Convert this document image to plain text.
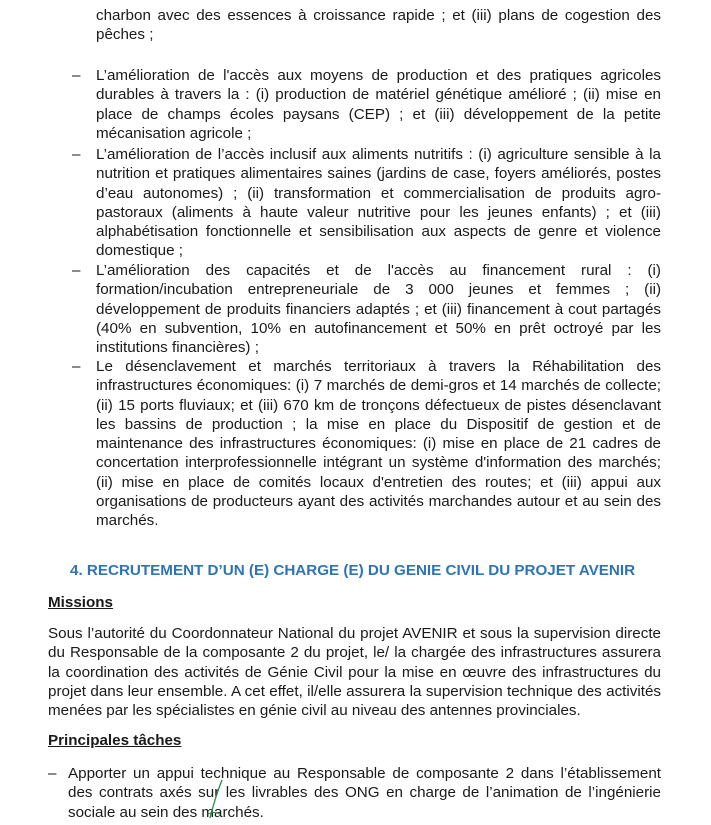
charbon avec des essences à croissance rapide ; et (iii) plans de cogestion des pêches ;
–	L’amélioration de l'accès aux moyens de production et des pratiques agricoles durables à travers la : (i) production de matériel génétique amélioré ; (ii) mise en place de champs écoles paysans (CEP) ; et (iii) développement de la petite mécanisation agricole ;
–	L’amélioration de l’accès inclusif aux aliments nutritifs : (i) agriculture sensible à la nutrition et pratiques alimentaires saines (jardins de case, foyers améliorés, postes d’eau autonomes) ; (ii) transformation et commercialisation de produits agro-pastoraux (aliments à haute valeur nutritive pour les jeunes enfants) ; et (iii) alphabétisation fonctionnelle et sensibilisation aux aspects de genre et violence domestique ;
–	L’amélioration des capacités et de l'accès au financement rural : (i) formation/incubation entrepreneuriale de 3 000 jeunes et femmes ; (ii) développement de produits financiers adaptés ; et (iii) financement à cout partagés (40% en subvention, 10% en autofinancement et 50% en prêt octroyé par les institutions financières) ;
–	Le désenclavement et marchés territoriaux à travers la Réhabilitation des infrastructures économiques: (i) 7 marchés de demi-gros et 14 marchés de collecte; (ii) 15 ports fluviaux; et (iii) 670 km de tronçons défectueux de pistes désenclavant les bassins de production ; la mise en place du Dispositif de gestion et de maintenance des infrastructures économiques: (i) mise en place de 21 cadres de concertation interprofessionnelle intégrant un système d'information des marchés; (ii) mise en place de comités locaux d'entretien des routes; et (iii) appui aux organisations de producteurs ayant des activités marchandes autour et au sein des marchés.
4. RECRUTEMENT D’UN (E) CHARGE (E) DU GENIE CIVIL DU PROJET AVENIR
Missions
Sous l’autorité du Coordonnateur National du projet AVENIR et sous la supervision directe du Responsable de la composante 2 du projet, le/ la chargée des infrastructures assurera la coordination des activités de Génie Civil pour la mise en œuvre des infrastructures du projet dans leur ensemble. A cet effet, il/elle assurera la supervision technique des activités menées par les spécialistes en génie civil au niveau des antennes provinciales.
Principales tâches
– Apporter un appui technique au Responsable de composante 2 dans l’établissement des contrats axés sur les livrables des ONG en charge de l’animation de l’ingénierie sociale au sein des marchés.
